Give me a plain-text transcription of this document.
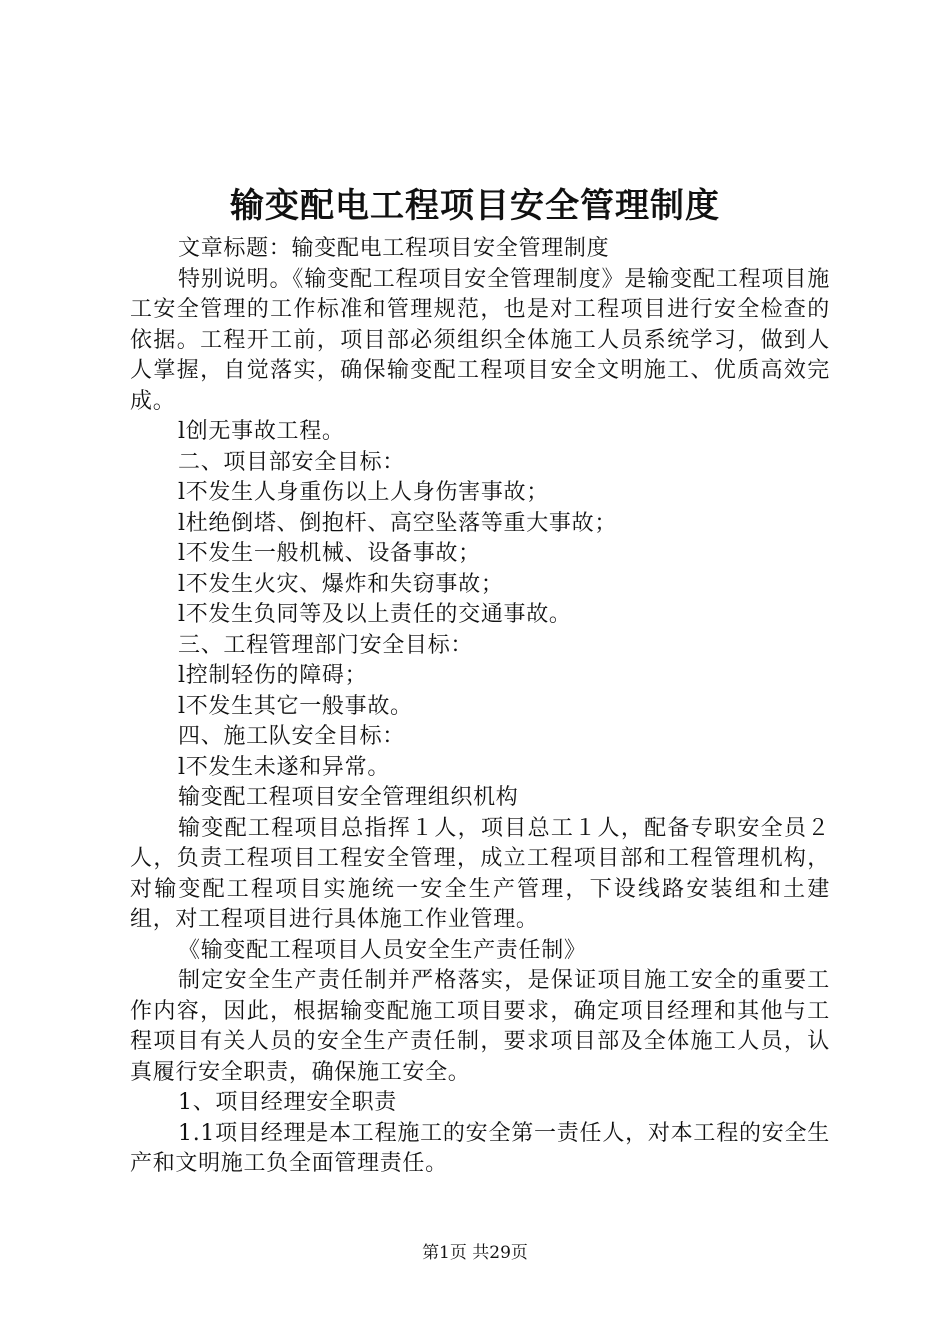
输变配电工程项目安全管理制度

文章标题：输变配电工程项目安全管理制度

特别说明。《输变配工程项目安全管理制度》是输变配工程项目施工安全管理的工作标准和管理规范，也是对工程项目进行安全检查的依据。工程开工前，项目部必须组织全体施工人员系统学习，做到人人掌握，自觉落实，确保输变配工程项目安全文明施工、优质高效完成。

l创无事故工程。

二、项目部安全目标：

l不发生人身重伤以上人身伤害事故；

l杜绝倒塔、倒抱杆、高空坠落等重大事故；

l不发生一般机械、设备事故；

l不发生火灾、爆炸和失窃事故；

l不发生负同等及以上责任的交通事故。

三、工程管理部门安全目标：

l控制轻伤的障碍；

l不发生其它一般事故。

四、施工队安全目标：

l不发生未遂和异常。

输变配工程项目安全管理组织机构

输变配工程项目总指挥１人，项目总工１人，配备专职安全员２人，负责工程项目工程安全管理，成立工程项目部和工程管理机构，对输变配工程项目实施统一安全生产管理，下设线路安装组和土建组，对工程项目进行具体施工作业管理。

《输变配工程项目人员安全生产责任制》

制定安全生产责任制并严格落实，是保证项目施工安全的重要工作内容，因此，根据输变配施工项目要求，确定项目经理和其他与工程项目有关人员的安全生产责任制，要求项目部及全体施工人员，认真履行安全职责，确保施工安全。

1、项目经理安全职责

1.1项目经理是本工程施工的安全第一责任人，对本工程的安全生产和文明施工负全面管理责任。

第1页 共29页
